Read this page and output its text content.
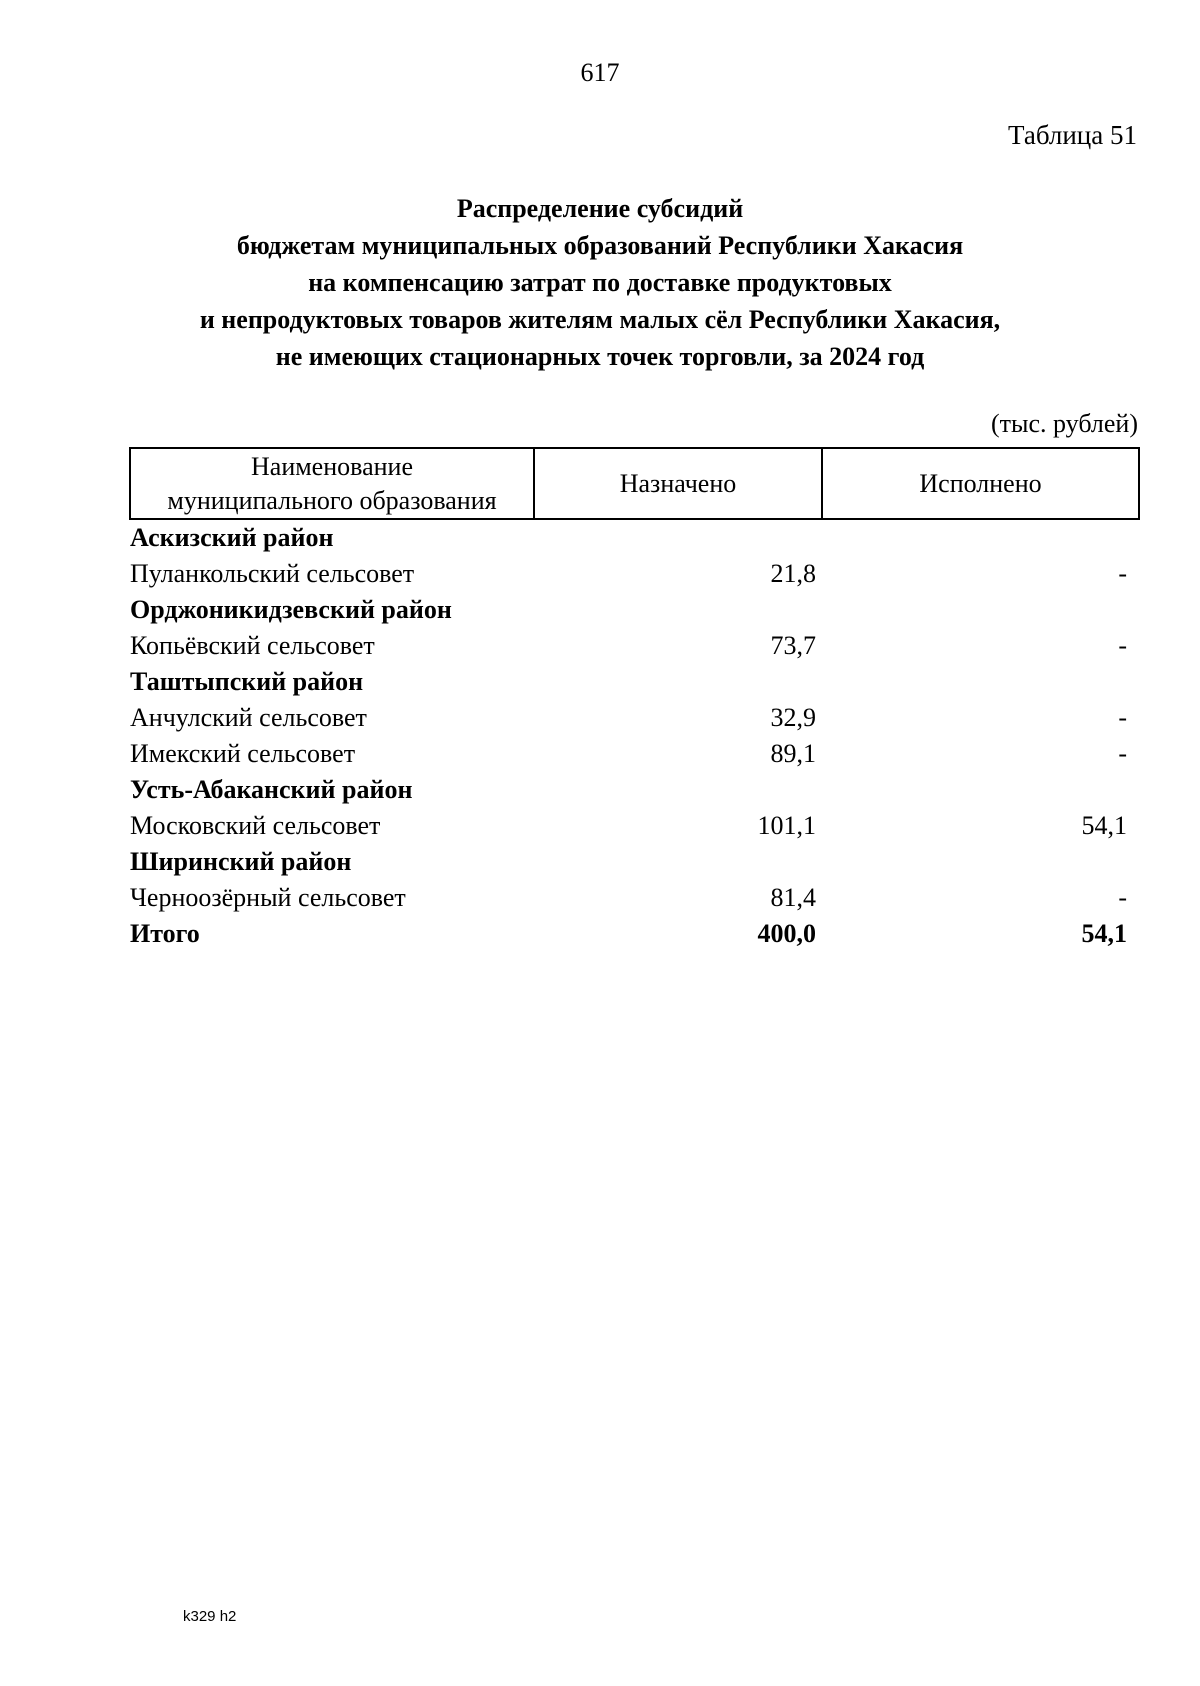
617
Таблица 51
Распределение субсидий
бюджетам муниципальных образований Республики Хакасия
на компенсацию затрат по доставке продуктовых
и непродуктовых товаров жителям малых сёл Республики Хакасия,
не имеющих стационарных точек торговли, за 2024 год
(тыс. рублей)
Наименование
муниципального образования	Назначено	Исполнено
Аскизский район		
Пуланкольский сельсовет	21,8	-
Орджоникидзевский район		
Копьёвский сельсовет	73,7	-
Таштыпский район		
Анчулский сельсовет	32,9	-
Имекский сельсовет	89,1	-
Усть-Абаканский район		
Московский сельсовет	101,1	54,1
Ширинский район		
Черноозёрный сельсовет	81,4	-
Итого	400,0	54,1
k329 h2
